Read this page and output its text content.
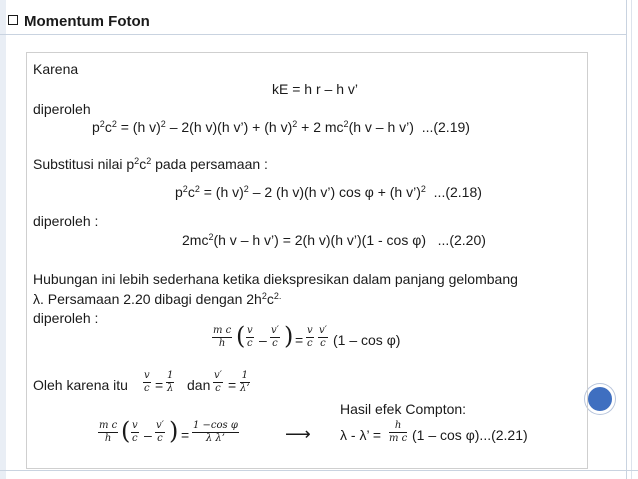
Momentum Foton
Karena
kE = h r – h v’
diperoleh
$p^2c^2 = (h$ v)$^2$ – 2(h v)(h v’) + (h v)$^2$ + 2 $mc^2(h$ v – h v’)  ...(2.19)
Substitusi nilai $p^2c^2$ pada persamaan :
$p^2c^2 = (h$ v)$^2$ – 2 (h v)(h v’) cos φ + (h v’)$^2$  ...(2.18)
diperoleh :
$2mc^2(h$ v – h v’) = 2(h v)(h v’)(1 - cos φ)   ...(2.20)
Hubungan ini lebih sederhana ketika diekspresikan dalam panjang gelombang
λ. Persamaan 2.20 dibagi dengan $2h^2c^{2.}$
diperoleh :
$\frac{\text{m c}}{h}$ ( $\frac{v}{c} - \frac{v'}{c}$ ) = $\frac{v}{c} \frac{v'}{c} (1$ – cos φ)
Oleh karena itu $\frac{v}{c} = \frac{1}{\lambda}$ dan $\frac{v'}{c} = \frac{1}{\lambda’}$
Hasil efek Compton:
$\frac{\text{m c}}{h}$ ( $\frac{v}{c} - \frac{v'}{c}$ ) = $\frac{\text{1 −cos φ}}{\text{λ λ’}}$	⟶ λ - λ’ = $\frac{h}{\text{m c}} (1$ – cos φ)...(2.21)
